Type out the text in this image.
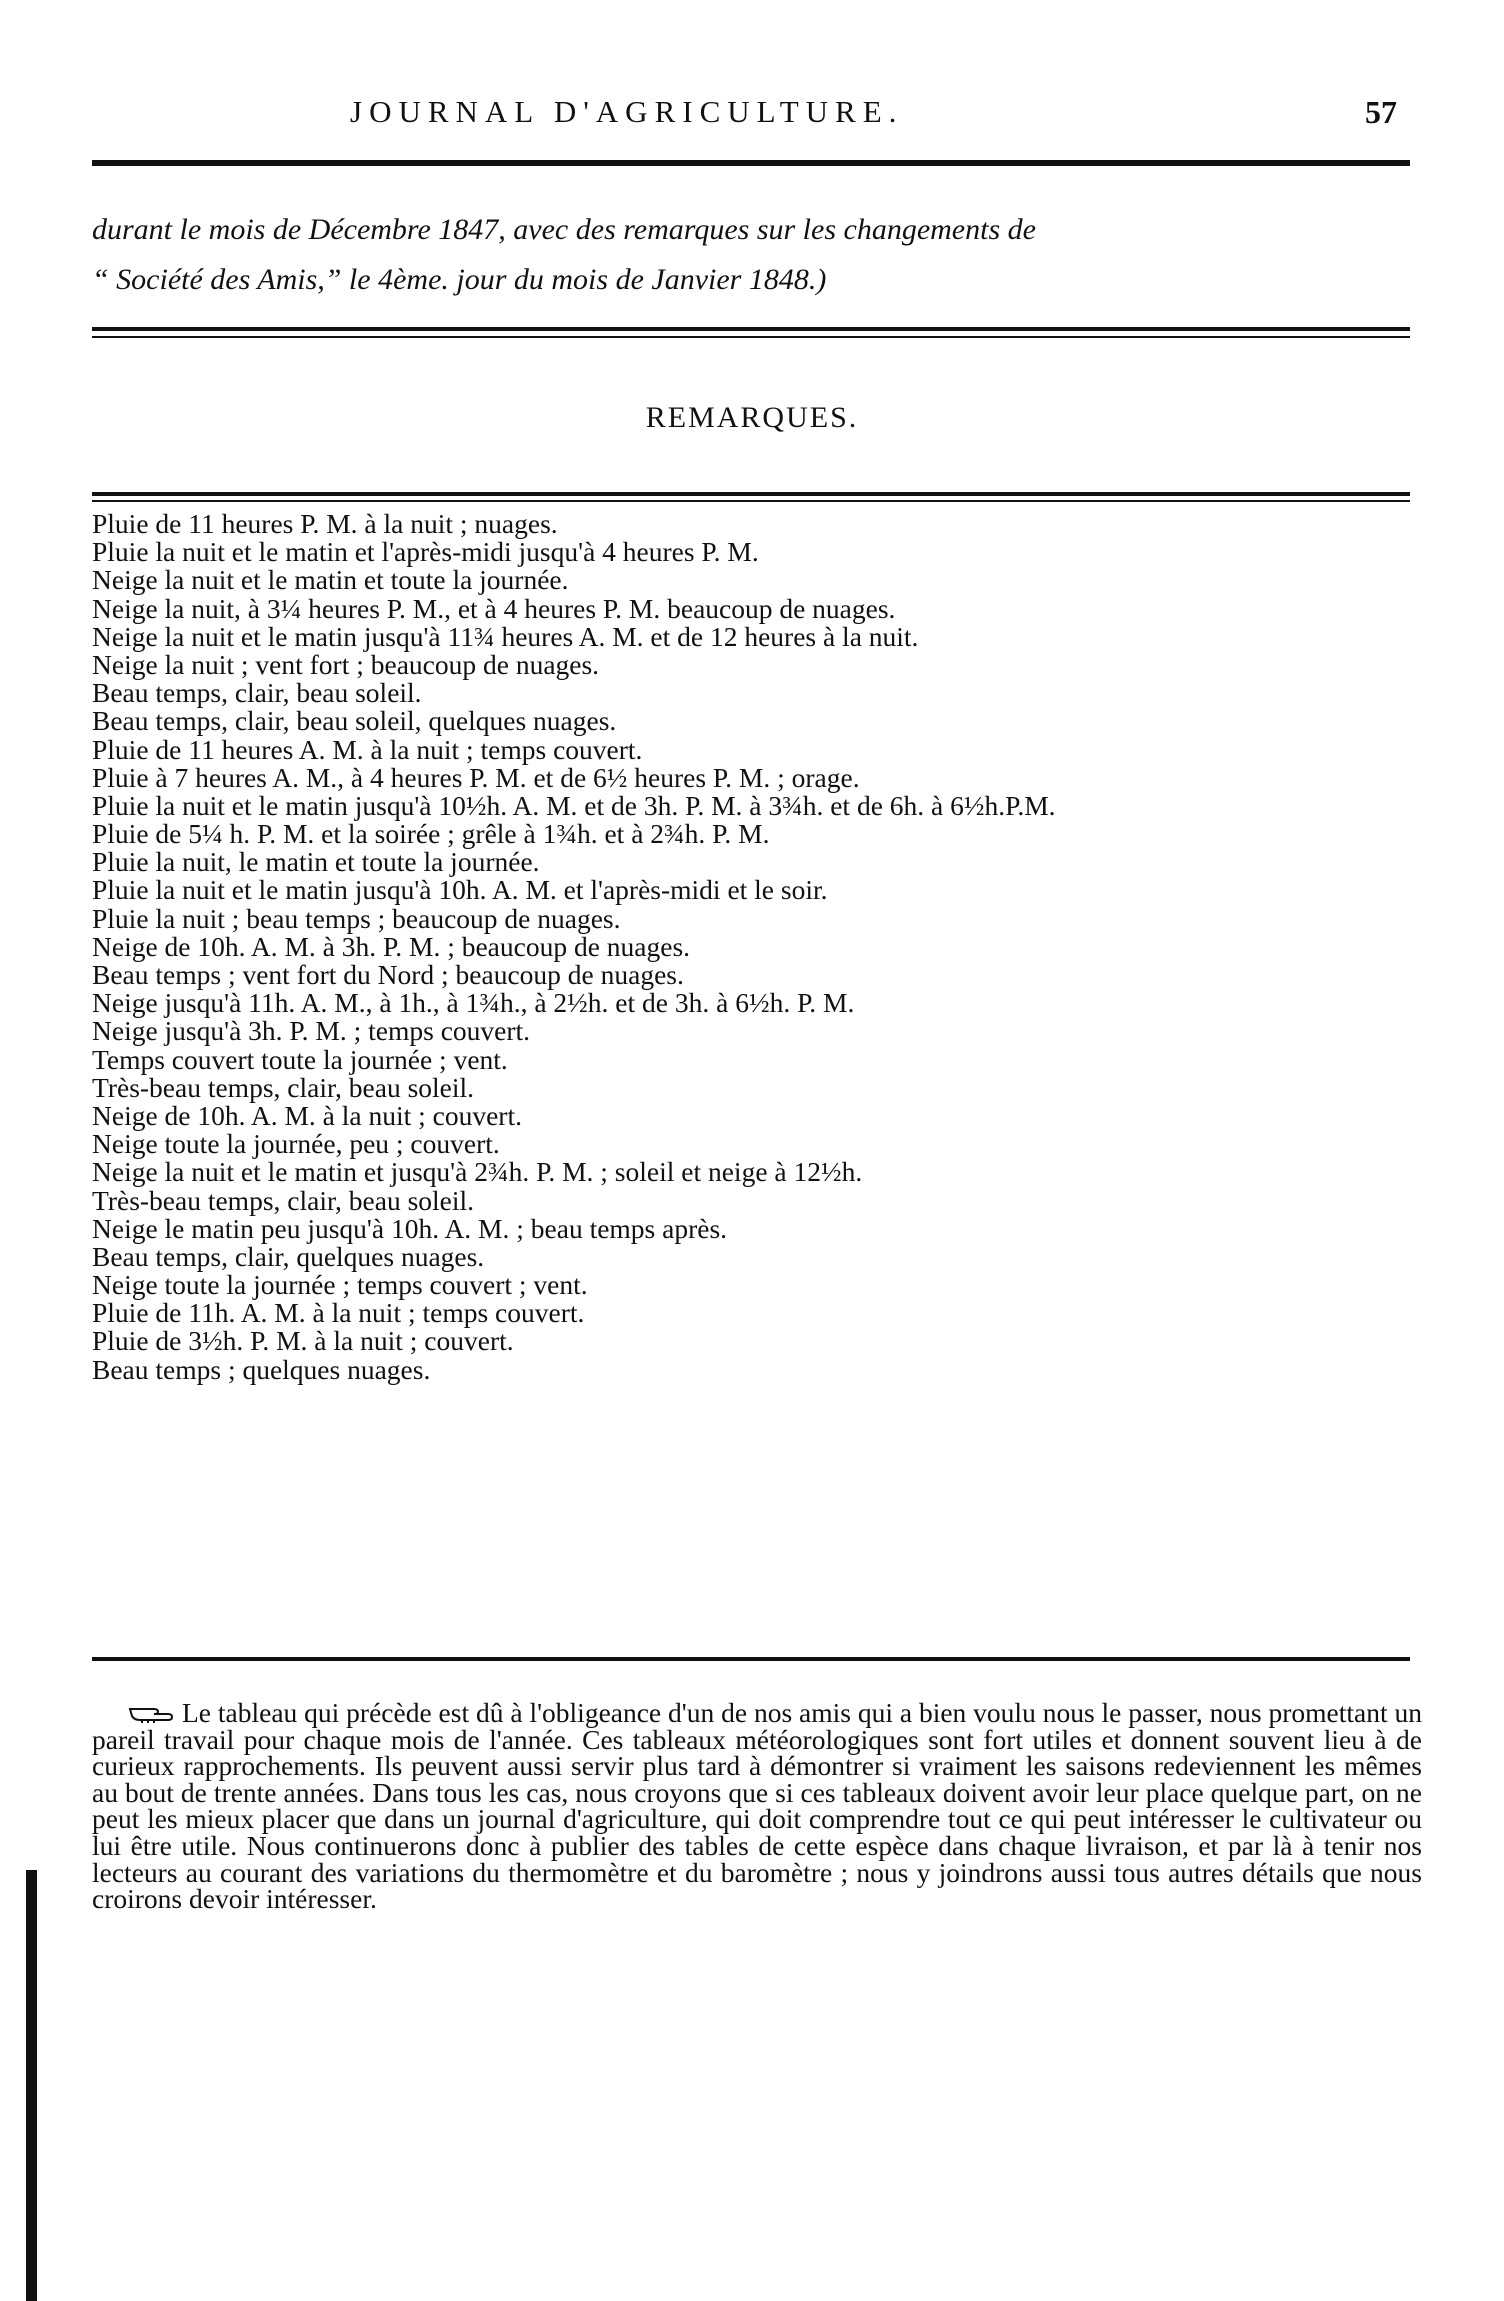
JOURNAL D'AGRICULTURE.	57
durant le mois de Décembre 1847, avec des remarques sur les changements de
“ Société des Amis,” le 4ème. jour du mois de Janvier 1848.)
REMARQUES.
Pluie de 11 heures P. M. à la nuit ; nuages.
Pluie la nuit et le matin et l'après-midi jusqu'à 4 heures P. M.
Neige la nuit et le matin et toute la journée.
Neige la nuit, à 3¼ heures P. M., et à 4 heures P. M. beaucoup de nuages.
Neige la nuit et le matin jusqu'à 11¾ heures A. M. et de 12 heures à la nuit.
Neige la nuit ; vent fort ; beaucoup de nuages.
Beau temps, clair, beau soleil.
Beau temps, clair, beau soleil, quelques nuages.
Pluie de 11 heures A. M. à la nuit ; temps couvert.
Pluie à 7 heures A. M., à 4 heures P. M. et de 6½ heures P. M. ; orage.
Pluie la nuit et le matin jusqu'à 10½h. A. M. et de 3h. P. M. à 3¾h. et de 6h. à 6½h.P.M.
Pluie de 5¼ h. P. M. et la soirée ; grêle à 1¾h. et à 2¾h. P. M.
Pluie la nuit, le matin et toute la journée.
Pluie la nuit et le matin jusqu'à 10h. A. M. et l'après-midi et le soir.
Pluie la nuit ; beau temps ; beaucoup de nuages.
Neige de 10h. A. M. à 3h. P. M. ; beaucoup de nuages.
Beau temps ; vent fort du Nord ; beaucoup de nuages.
Neige jusqu'à 11h. A. M., à 1h., à 1¾h., à 2½h. et de 3h. à 6½h. P. M.
Neige jusqu'à 3h. P. M. ; temps couvert.
Temps couvert toute la journée ; vent.
Très-beau temps, clair, beau soleil.
Neige de 10h. A. M. à la nuit ; couvert.
Neige toute la journée, peu ; couvert.
Neige la nuit et le matin et jusqu'à 2¾h. P. M. ; soleil et neige à 12½h.
Très-beau temps, clair, beau soleil.
Neige le matin peu jusqu'à 10h. A. M. ; beau temps après.
Beau temps, clair, quelques nuages.
Neige toute la journée ; temps couvert ; vent.
Pluie de 11h. A. M. à la nuit ; temps couvert.
Pluie de 3½h. P. M. à la nuit ; couvert.
Beau temps ; quelques nuages.

Le tableau qui précède est dû à l'obligeance d'un de nos amis qui a bien voulu nous le passer, nous promettant un pareil travail pour chaque mois de l'année. Ces tableaux météorologiques sont fort utiles et donnent souvent lieu à de curieux rapprochements. Ils peuvent aussi servir plus tard à démontrer si vraiment les saisons redeviennent les mêmes au bout de trente années. Dans tous les cas, nous croyons que si ces tableaux doivent avoir leur place quelque part, on ne peut les mieux placer que dans un journal d'agriculture, qui doit comprendre tout ce qui peut intéresser le cultivateur ou lui être utile. Nous continuerons donc à publier des tables de cette espèce dans chaque livraison, et par là à tenir nos lecteurs au courant des variations du thermomètre et du baromètre ; nous y joindrons aussi tous autres détails que nous croirons devoir intéresser.
